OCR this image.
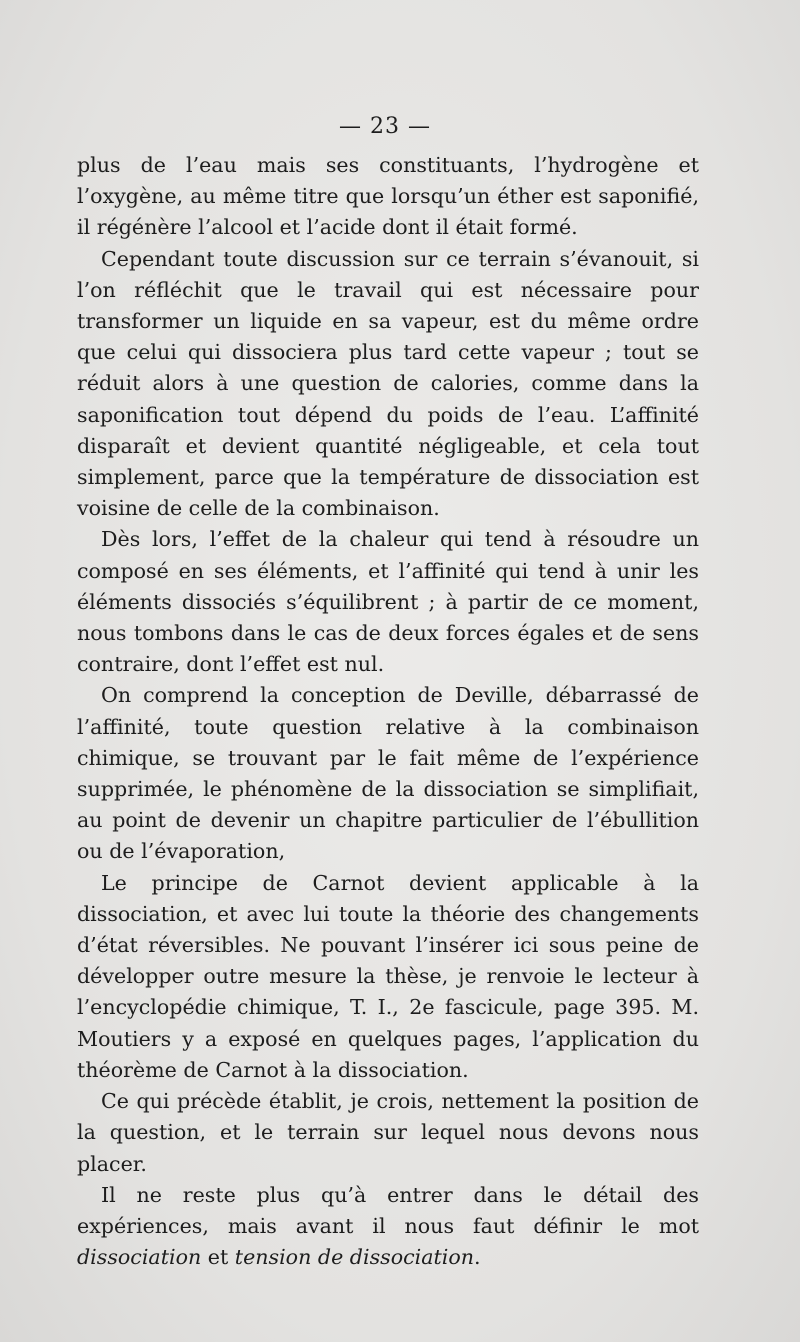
— 23 —

plus de l’eau mais ses constituants, l’hydrogène et l’oxygène, au même titre que lorsqu’un éther est saponifié, il régénère l’alcool et l’acide dont il était formé.

Cependant toute discussion sur ce terrain s’évanouit, si l’on réfléchit que le travail qui est nécessaire pour transformer un liquide en sa vapeur, est du même ordre que celui qui dissociera plus tard cette vapeur ; tout se réduit alors à une question de calories, comme dans la saponification tout dépend du poids de l’eau. L’affinité disparaît et devient quantité négligeable, et cela tout simplement, parce que la température de dissociation est voisine de celle de la combinaison.

Dès lors, l’effet de la chaleur qui tend à résoudre un composé en ses éléments, et l’affinité qui tend à unir les éléments dissociés s’équilibrent ; à partir de ce moment, nous tombons dans le cas de deux forces égales et de sens contraire, dont l’effet est nul.

On comprend la conception de Deville, débarrassé de l’affinité, toute question relative à la combinaison chimique, se trouvant par le fait même de l’expérience supprimée, le phénomène de la dissociation se simplifiait, au point de devenir un chapitre particulier de l’ébullition ou de l’évaporation,

Le principe de Carnot devient applicable à la dissociation, et avec lui toute la théorie des changements d’état réversibles. Ne pouvant l’insérer ici sous peine de développer outre mesure la thèse, je renvoie le lecteur à l’encyclopédie chimique, T. I., 2e fascicule, page 395. M. Moutiers y a exposé en quelques pages, l’application du théorème de Carnot à la dissociation.

Ce qui précède établit, je crois, nettement la position de la question, et le terrain sur lequel nous devons nous placer.

Il ne reste plus qu’à entrer dans le détail des expériences, mais avant il nous faut définir le mot dissociation et tension de dissociation.
